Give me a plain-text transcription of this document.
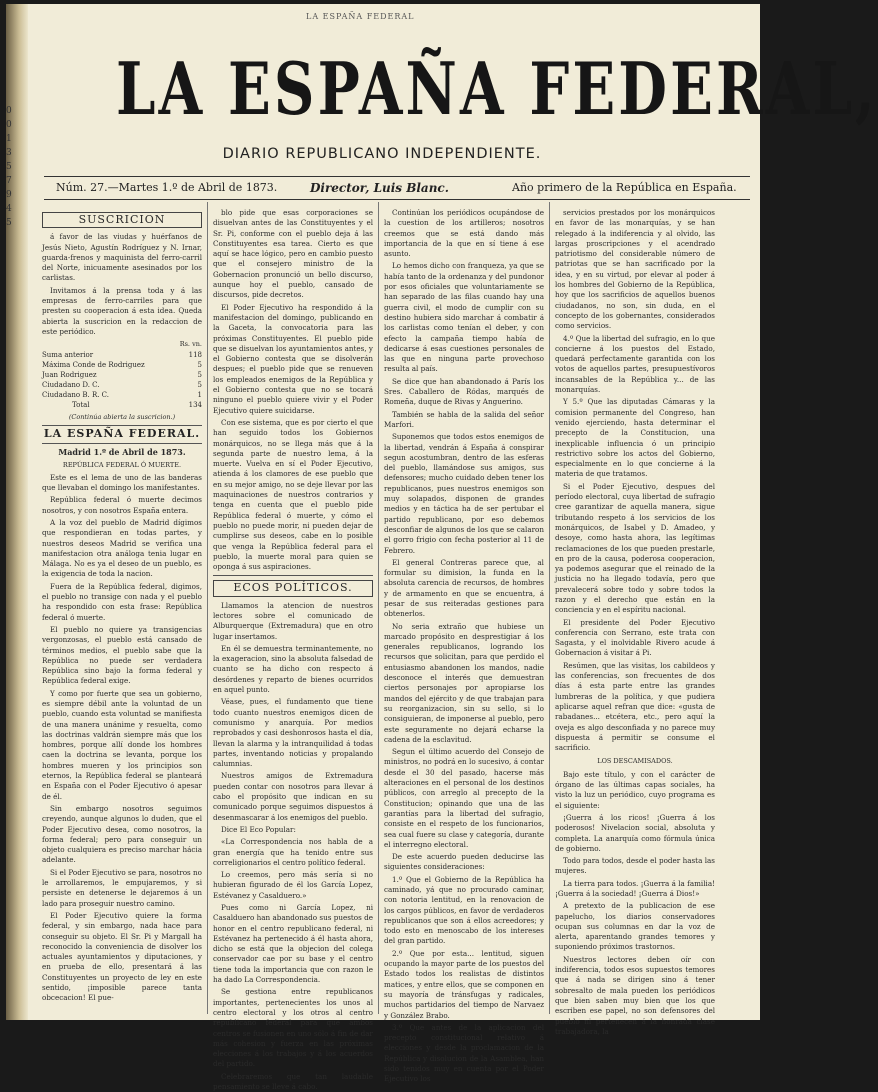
0
0
1
3
5
7
9
4
5
LA ESPAÑA FEDERAL
LA ESPAÑA FEDERAL,
DIARIO REPUBLICANO INDEPENDIENTE.
Núm. 27.—Martes 1.º de Abril de 1873.	Director, Luis Blanc.	Año primero de la República en España.
SUSCRICION

á favor de las viudas y huérfanos de Jesús Nieto, Agustín Rodríguez y N. Irnar, guarda-frenos y maquinista del ferro-carril del Norte, inicuamente asesinados por los carlistas.

Invitamos á la prensa toda y á las empresas de ferro-carriles para que presten su cooperacion á esta idea. Queda abierta la suscricion en la redaccion de este periódico.

Rs. vn.
Suma anterior	118
Máxima Conde de Rodriguez	5
Juan Rodriguez	5
Ciudadano D. C.	5
Ciudadano B. R. C.	1
Total	134
(Continúa abierta la suscricion.)
LA ESPAÑA FEDERAL.
Madrid 1.º de Abril de 1873.
REPÚBLICA FEDERAL Ó MUERTE.

Este es el lema de uno de las banderas que llevaban el domingo los manifestantes.

República federal ó muerte decimos nosotros, y con nosotros España entera.

A la voz del pueblo de Madrid dígimos que respondieran en todas partes, y nuestros deseos Madrid se verifica una manifestacion otra análoga tenia lugar en Málaga. No es ya el deseo de un pueblo, es la exigencia de toda la nacion.

Fuera de la República federal, digimos, el pueblo no transige con nada y el pueblo ha respondido con esta frase: República federal ó muerte.

El pueblo no quiere ya transigencias vergonzosas, el pueblo está cansado de términos medios, el pueblo sabe que la República no puede ser verdadera República sino bajo la forma federal y República federal exige.

Y como por fuerte que sea un gobierno, es siempre débil ante la voluntad de un pueblo, cuando esta voluntad se manifiesta de una manera unánime y resuelta, como las doctrinas valdrán siempre más que los hombres, porque allí donde los hombres caen la doctrina se levanta, porque los hombres mueren y los principios son eternos, la República federal se planteará en España con el Poder Ejecutivo ó apesar de él.

Sin embargo nosotros seguimos creyendo, aunque algunos lo duden, que el Poder Ejecutivo desea, como nosotros, la forma federal; pero para conseguir un objeto cualquiera es preciso marchar hácia adelante.

Si el Poder Ejecutivo se para, nosotros no le arrollaremos, le empujaremos, y si persiste en detenerse le dejaremos á un lado para proseguir nuestro camino.

El Poder Ejecutivo quiere la forma federal, y sin embargo, nada hace para conseguir su objeto. El Sr. Pi y Margall ha reconocido la conveniencia de disolver los actuales ayuntamientos y diputaciones, y en prueba de ello, presentará á las Constituyentes un proyecto de ley en este sentido, ¡imposible parece tanta obcecacion! El pue-

blo pide que esas corporaciones se disuelvan antes de las Constituyentes y el Sr. Pi, conforme con el pueblo deja á las Constituyentes esa tarea. Cierto es que aquí se hace lógico, pero en cambio puesto que el consejero ministro de la Gobernacion pronunció un bello discurso, aunque hoy el pueblo, cansado de discursos, pide decretos.

El Poder Ejecutivo ha respondido á la manifestacion del domingo, publicando en la Gaceta, la convocatoria para las próximas Constituyentes. El pueblo pide que se disuelvan los ayuntamientos antes, y el Gobierno contesta que se disolverán despues; el pueblo pide que se renueven los empleados enemigos de la República y el Gobierno contesta que no se tocará ninguno el pueblo quiere vivir y el Poder Ejecutivo quiere suicidarse.

Con ese sistema, que es por cierto el que han seguido todos los Gobiernos monárquicos, no se llega más que á la segunda parte de nuestro lema, á la muerte. Vuelva en sí el Poder Ejecutivo, atienda á los clamores de ese pueblo que en su mejor amigo, no se deje llevar por las maquinaciones de nuestros contrarios y tenga en cuenta que el pueblo pide República federal ó muerte, y cómo el pueblo no puede morir, ni pueden dejar de cumplirse sus deseos, cabe en lo posible que venga la República federal para el pueblo, la muerte moral para quien se oponga á sus aspiraciones.

ECOS POLÍTICOS.

Llamamos la atencion de nuestros lectores sobre el comunicado de Alburquerque (Extremadura) que en otro lugar insertamos.

En él se demuestra terminantemente, no la exageracion, sino la absoluta falsedad de cuanto se ha dicho con respecto á desórdenes y reparto de bienes ocurridos en aquel punto.

Véase, pues, el fundamento que tiene todo cuanto nuestros enemigos dicen de comunismo y anarquía. Por medios reprobados y casi deshonrosos hasta el día, llevan la alarma y la intranquilidad á todas partes, inventando noticias y propalando calumnias.

Nuestros amigos de Extremadura pueden contar con nosotros para llevar á cabo el propósito que indican en su comunicado porque seguimos dispuestos á desenmascarar á los enemigos del pueblo.

Dice El Eco Popular:

«La Correspondencia nos habla de a gran energía que ha tenido entre sus correligionarios el centro político federal.

Lo creemos, pero más sería si no hubieran figurado de él los García Lopez, Estévanez y Casalduero.»

Pues como ni García Lopez, ni Casalduero han abandonado sus puestos de honor en el centro republicano federal, ni Estévanez ha pertenecido á él hasta ahora, dicho se está que la objecion del colega conservador cae por su base y el centro tiene toda la importancia que con razon le ha dado La Correspondencia.

Se gestiona entre republicanos importantes, pertenecientes los unos al centro electoral y los otros al centro republicano federal para que ambos centros se fusionen en uno sólo á fin de dar más cohesion y fuerza en las próximas elecciones á los trabajos y á los acuerdos del partido.

Celebraremos que tan laudable pensamiento se lleve á cabo.

Continúan los periódicos ocupándose de la cuestion de los artilleros; nosotros creemos que se está dando más importancia de la que en sí tiene á ese asunto.

Lo hemos dicho con franqueza, ya que se había tanto de la ordenanza y del pundonor por esos oficiales que voluntariamente se han separado de las filas cuando hay una guerra civil, el modo de cumplir con su destino hubiera sido marchar á combatir á los carlistas como tenían el deber, y con efecto la campaña tiempo había de dedicarse á esas cuestiones personales de las que en ninguna parte provechoso resulta al país.

Se dice que han abandonado á París los Sres. Caballero de Ródas, marqués de Romeña, duque de Rivas y Anguerino.

También se habla de la salida del señor Marfori.

Suponemos que todos estos enemigos de la libertad, vendrán á España á conspirar segun acostumbran, dentro de las esferas del pueblo, llamándose sus amigos, sus defensores; mucho cuidado deben tener los republicanos, pues nuestros enemigos son muy solapados, disponen de grandes medios y en táctica ha de ser pertubar el partido republicano, por eso debemos desconfiar de algunos de los que se calaron el gorro frigio con fecha posterior al 11 de Febrero.

El general Contreras parece que, al formular su dimision, la funda en la absoluta carencia de recursos, de hombres y de armamento en que se encuentra, á pesar de sus reiteradas gestiones para obtenerlos.

No seria extraño que hubiese un marcado propósito en desprestigiar á los generales republicanos, logrando los recursos que solicitan, para que perdido el entusiasmo abandonen los mandos, nadie desconoce el interés que demuestran ciertos personajes por apropiarse los mandos del ejército y de que trabajan para su reorganizacion, sin su sello, si lo consiguieran, de imponerse al pueblo, pero este seguramente no dejará echarse la cadena de la esclavitud.

Segun el último acuerdo del Consejo de ministros, no podrá en lo sucesivo, á contar desde el 30 del pasado, hacerse más alteraciones en el personal de los destinos públicos, con arreglo al precepto de la Constitucion; opinando que una de las garantías para la libertad del sufragio, consiste en el respeto de los funcionarios, sea cual fuere su clase y categoría, durante el interregno electoral.

De este acuerdo pueden deducirse las siguientes consideraciones:

1.º Que el Gobierno de la República ha caminado, yá que no procurado caminar, con notoria lentitud, en la renovacion de los cargos públicos, en favor de verdaderos republicanos que son á ellos acreedores; y todo esto en menoscabo de los intereses del gran partido.

2.º Que por esta... lentitud, siguen ocupando la mayor parte de los puestos del Estado todos los realistas de distintos matices, y entre ellos, que se componen en su mayoría de tránsfugas y radicales, muchos partidarios del tiempo de Narvaez y González Brabo.

3.º Que antes de la aplicacion del precepto constitucional relativo á elecciones y desde la proclamacion de la República y disolucion de la Asamblea, han sido tenidos muy en cuenta por el Poder Ejecutivo los

servicios prestados por los monárquicos en favor de las monarquías, y se han relegado á la indiferencia y al olvido, las largas proscripciones y el acendrado patriotismo del considerable número de patriotas que se han sacrificado por la idea, y en su virtud, por elevar al poder á los hombres del Gobierno de la República, hoy que los sacrificios de aquellos buenos ciudadanos, no son, sin duda, en el concepto de los gobernantes, considerados como servicios.

4.º Que la libertad del sufragio, en lo que concierne á los puestos del Estado, quedará perfectamente garantida con los votos de aquellos partes, presupuestívoros incansables de la República y... de las monarquías.

Y 5.º Que las diputadas Cámaras y la comision permanente del Congreso, han venido ejerciendo, hasta determinar el precepto de la Constitucion, una inexplicable influencia ó un principio restrictivo sobre los actos del Gobierno, especialmente en lo que concierne á la materia de que tratamos.

Si el Poder Ejecutivo, despues del período electoral, cuya libertad de sufragio cree garantizar de aquella manera, sigue tributando respeto á los servicios de los monárquicos, de Isabel y D. Amadeo, y desoye, como hasta ahora, las legítimas reclamaciones de los que pueden prestarle, en pro de la causa, poderosa cooperacion, ya podemos asegurar que el reinado de la justicia no ha llegado todavía, pero que prevalecerá sobre todo y sobre todos la razon y el derecho que están en la conciencia y en el espíritu nacional.

El presidente del Poder Ejecutivo conferencia con Serrano, este trata con Sagasta, y el inolvidable Rivero acude á Gobernacion á visitar á Pi.

Resúmen, que las visitas, los cabildeos y las conferencias, son frecuentes de dos días á esta parte entre las grandes lumbreras de la política, y que pudiera aplicarse aquel refran que dice: «gusta de rabadanes... etcétera, etc., pero aquí la oveja es algo desconfiada y no parece muy dispuesta á permitir se consume el sacrificio.

LOS DESCAMISADOS.

Bajo este título, y con el carácter de órgano de las últimas capas sociales, ha visto la luz un periódico, cuyo programa es el siguiente:

¡Guerra á los ricos! ¡Guerra á los poderosos! Nivelacion social, absoluta y completa. La anarquía como fórmula única de gobierno.

Todo para todos, desde el poder hasta las mujeres.

La tierra para todos. ¡Guerra á la familia! ¡Guerra á la sociedad! ¡Guerra á Dios!»

A pretexto de la publicacion de ese papelucho, los diarios conservadores ocupan sus columnas en dar la voz de alerta, aparentando grandes temores y suponiendo próximos trastornos.

Nuestros lectores deben oír con indiferencia, todos esos supuestos temores que á nada se dirigen sino á tener sobresalto de mala pueden los periódicos que bien saben muy bien que los que escriben ese papel, no son defensores del pueblo ni pertenecen á la honrada clase trabajadora, la
